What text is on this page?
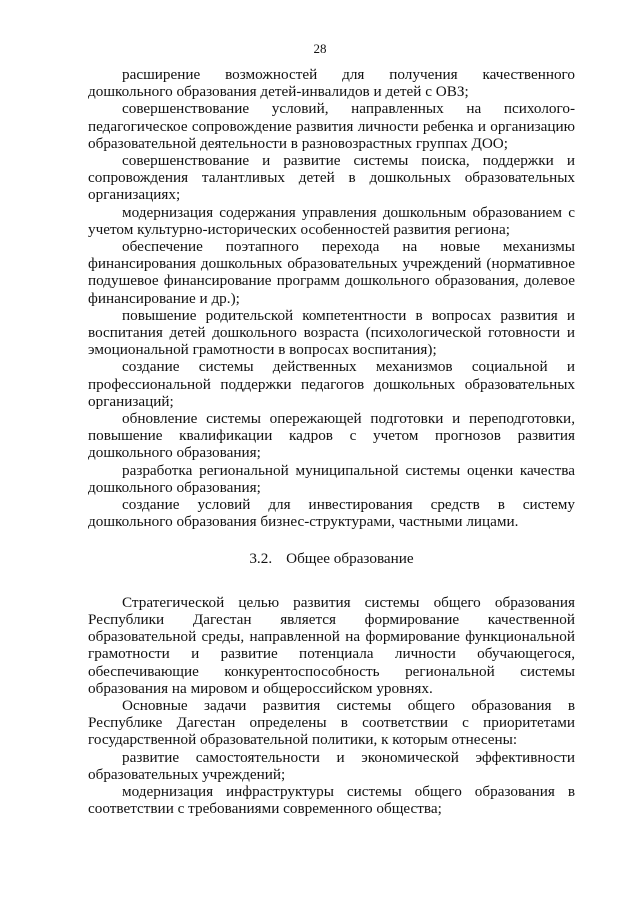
28

расширение возможностей для получения качественного дошкольного образования детей-инвалидов и детей с ОВЗ;

совершенствование условий, направленных на психолого-педагогическое сопровождение развития личности ребенка и организацию образовательной деятельности в разновозрастных группах ДОО;

совершенствование и развитие системы поиска, поддержки и сопровождения талантливых детей в дошкольных образовательных организациях;

модернизация содержания управления дошкольным образованием с учетом культурно-исторических особенностей развития региона;

обеспечение поэтапного перехода на новые механизмы финансирования дошкольных образовательных учреждений (нормативное подушевое финансирование программ дошкольного образования, долевое финансирование и др.);

повышение родительской компетентности в вопросах развития и воспитания детей дошкольного возраста (психологической готовности и эмоциональной грамотности в вопросах воспитания);

создание системы действенных механизмов социальной и профессиональной поддержки педагогов дошкольных образовательных организаций;

обновление системы опережающей подготовки и переподготовки, повышение квалификации кадров с учетом прогнозов развития дошкольного образования;

разработка региональной муниципальной системы оценки качества дошкольного образования;

создание условий для инвестирования средств в систему дошкольного образования бизнес-структурами, частными лицами.

3.2. Общее образование

Стратегической целью развития системы общего образования Республики Дагестан является формирование качественной образовательной среды, направленной на формирование функциональной грамотности и развитие потенциала личности обучающегося, обеспечивающие конкурентоспособность региональной системы образования на мировом и общероссийском уровнях.

Основные задачи развития системы общего образования в Республике Дагестан определены в соответствии с приоритетами государственной образовательной политики, к которым отнесены:

развитие самостоятельности и экономической эффективности образовательных учреждений;

модернизация инфраструктуры системы общего образования в соответствии с требованиями современного общества;
